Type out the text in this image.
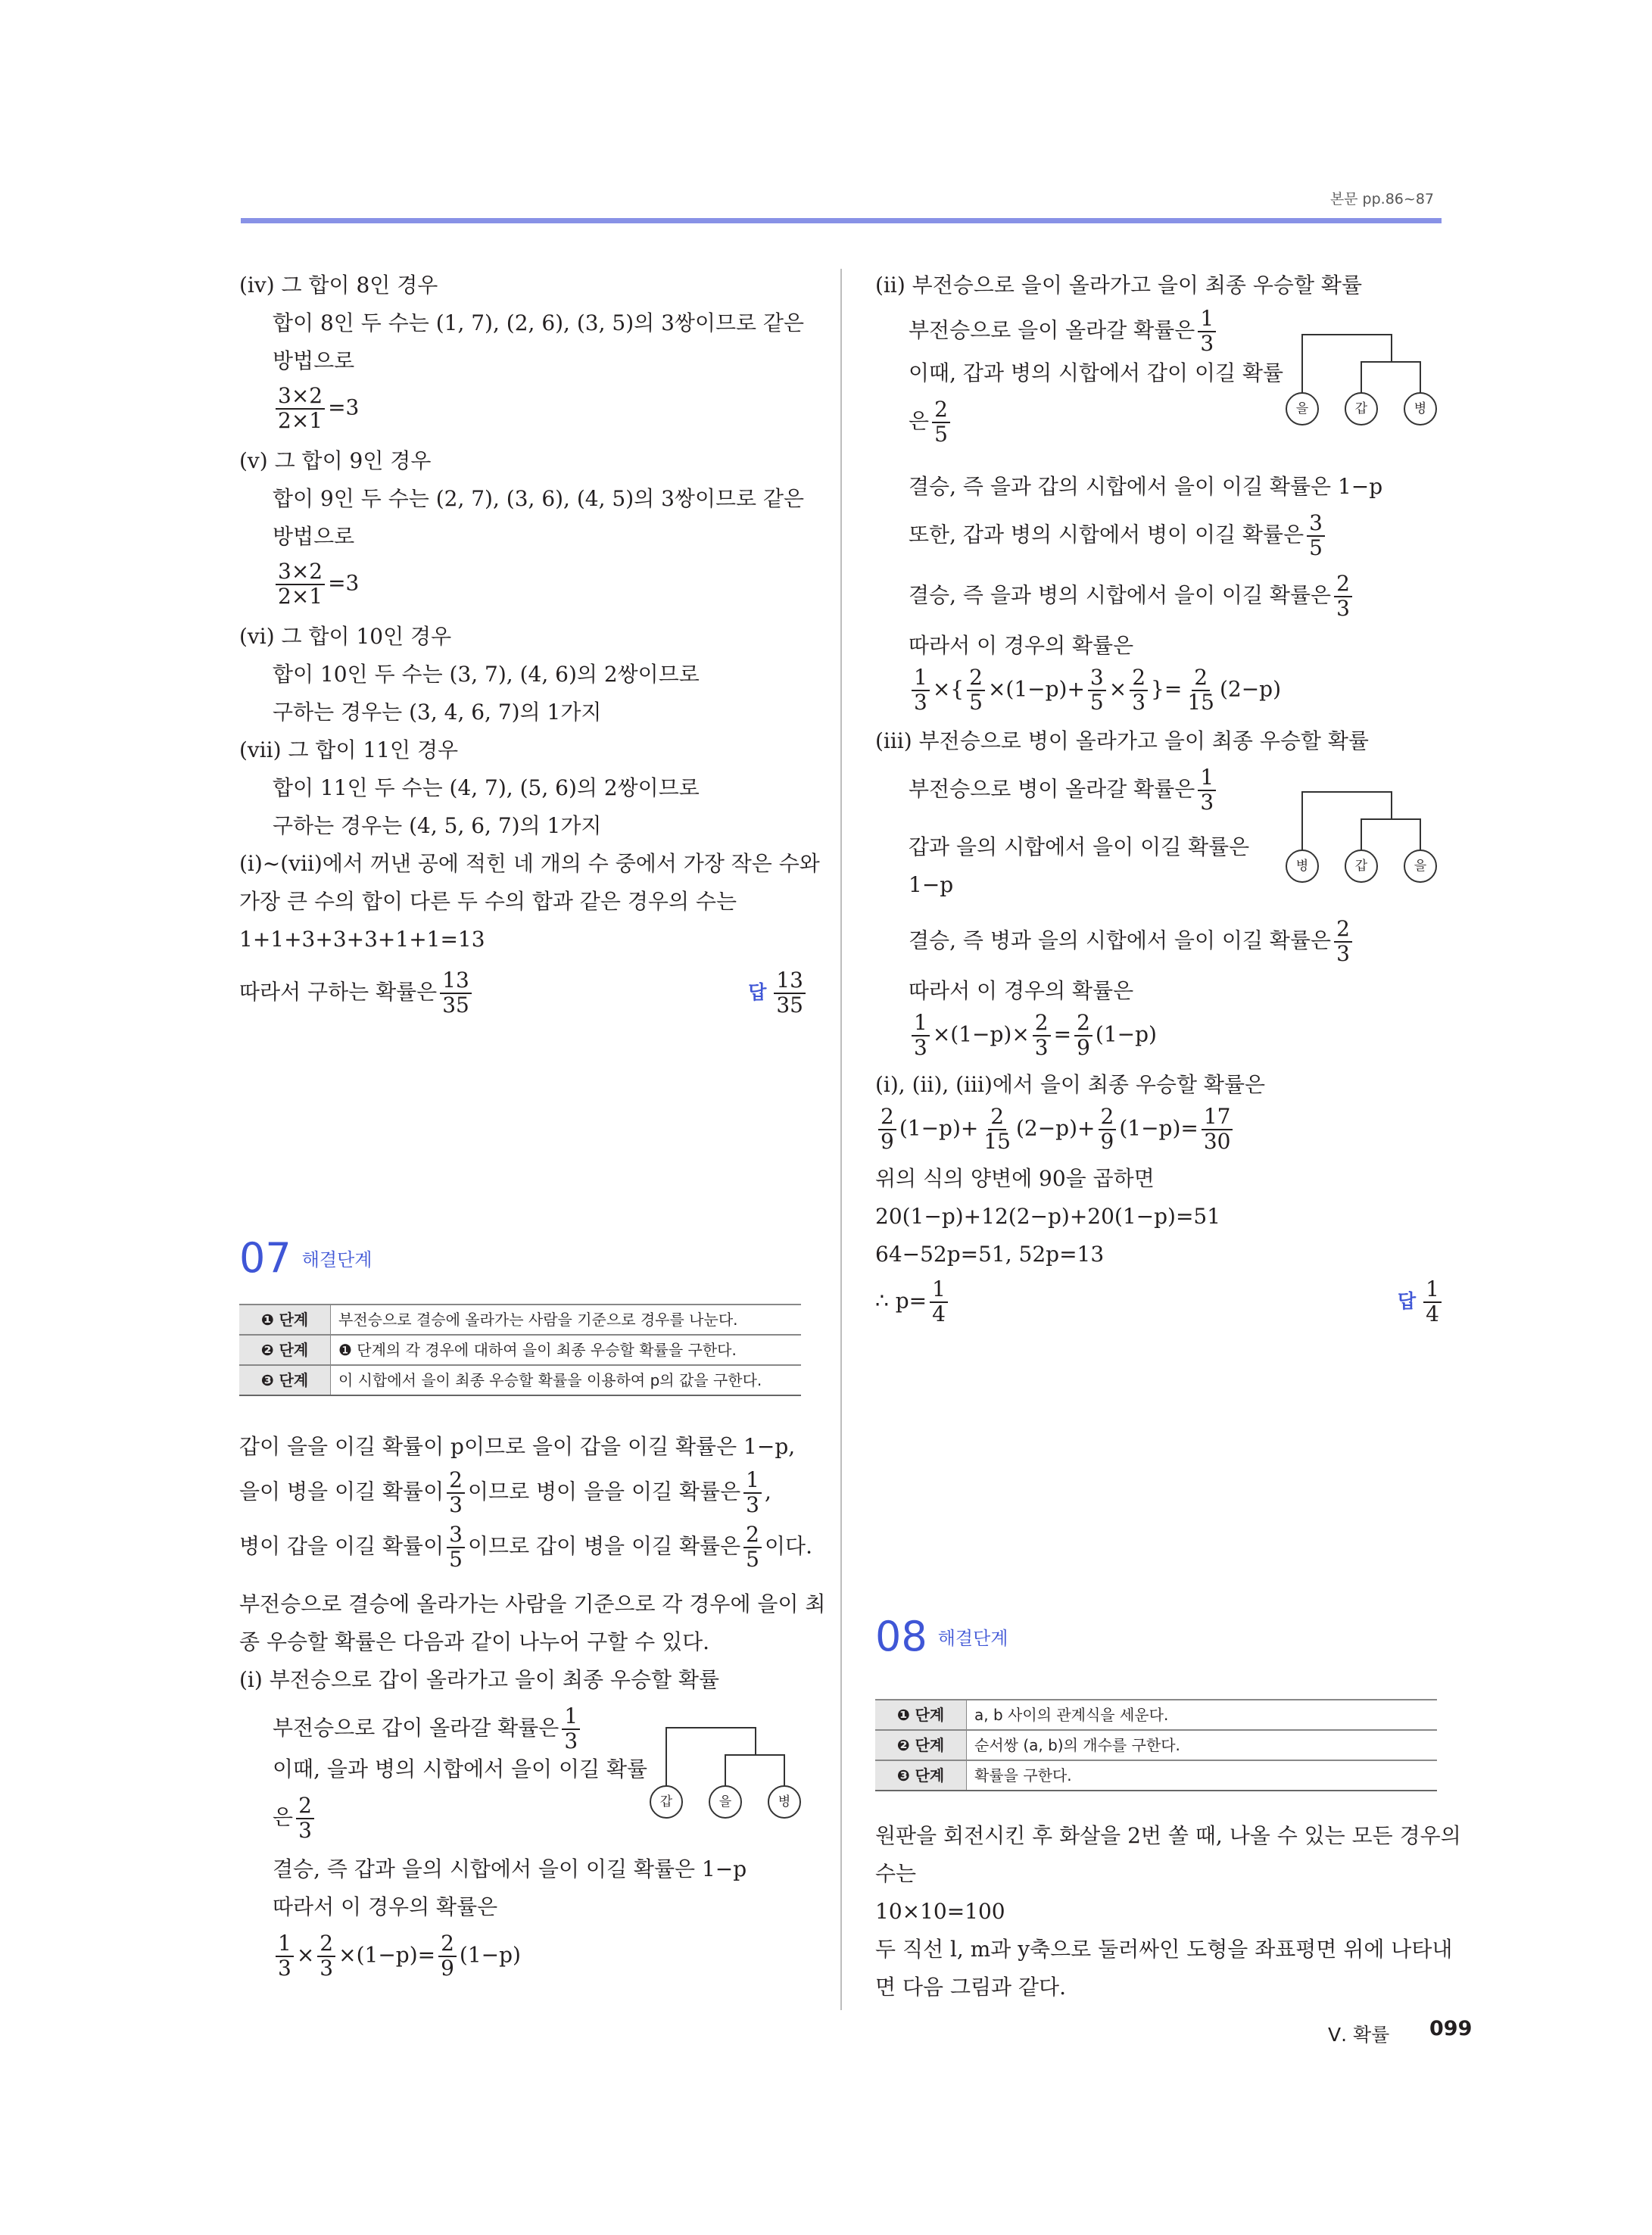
본문 pp.86~87
(ⅳ) 그 합이 8인 경우
합이 8인 두 수는 (1, 7), (2, 6), (3, 5)의 3쌍이므로 같은
방법으로
$\frac{3\times 2}{2\times 1} =3$
(ⅴ) 그 합이 9인 경우
합이 9인 두 수는 (2, 7), (3, 6), (4, 5)의 3쌍이므로 같은
방법으로
$\frac{3\times 2}{2\times 1} =3$
(ⅵ) 그 합이 10인 경우
합이 10인 두 수는 (3, 7), (4, 6)의 2쌍이므로
구하는 경우는 (3, 4, 6, 7)의 1가지
(ⅶ) 그 합이 11인 경우
합이 11인 두 수는 (4, 7), (5, 6)의 2쌍이므로
구하는 경우는 (4, 5, 6, 7)의 1가지
(ⅰ)~(ⅶ)에서 꺼낸 공에 적힌 네 개의 수 중에서 가장 작은 수와
가장 큰 수의 합이 다른 두 수의 합과 같은 경우의 수는
1+1+3+3+3+1+1=13
따라서 구하는 확률은 $\frac{13}{35}$	답 $\frac{13}{35}$
07 해결단계
❶ 단계	부전승으로 결승에 올라가는 사람을 기준으로 경우를 나눈다.
❷ 단계	❶ 단계의 각 경우에 대하여 을이 최종 우승할 확률을 구한다.
❸ 단계	이 시합에서 을이 최종 우승할 확률을 이용하여 p의 값을 구한다.
갑이 을을 이길 확률이 p이므로 을이 갑을 이길 확률은 1−p,
을이 병을 이길 확률이 $\frac{2}{3}$ 이므로 병이 을을 이길 확률은 $\frac{1}{3}$ ,
병이 갑을 이길 확률이 $\frac{3}{5}$ 이므로 갑이 병을 이길 확률은 $\frac{2}{5}$ 이다.
부전승으로 결승에 올라가는 사람을 기준으로 각 경우에 을이 최
종 우승할 확률은 다음과 같이 나누어 구할 수 있다.
(ⅰ) 부전승으로 갑이 올라가고 을이 최종 우승할 확률
부전승으로 갑이 올라갈 확률은 $\frac{1}{3}$
이때, 을과 병의 시합에서 을이 이길 확률
은 $\frac{2}{3}$
결승, 즉 갑과 을의 시합에서 을이 이길 확률은 1−p
따라서 이 경우의 확률은
$\frac{1}{3} \times \frac{2}{3} \times(1-p)= \frac{2}{9} (1-p)$
갑	을	병
(ⅱ) 부전승으로 을이 올라가고 을이 최종 우승할 확률
부전승으로 을이 올라갈 확률은 $\frac{1}{3}$
이때, 갑과 병의 시합에서 갑이 이길 확률
은 $\frac{2}{5}$
결승, 즉 을과 갑의 시합에서 을이 이길 확률은 1−p
또한, 갑과 병의 시합에서 병이 이길 확률은 $\frac{3}{5}$
결승, 즉 을과 병의 시합에서 을이 이길 확률은 $\frac{2}{3}$
따라서 이 경우의 확률은
$\frac{1}{3}$ ×{ $\frac{2}{5} \times(1-p)+ \frac{3}{5} \times \frac{2}{3}$ }= $\frac{2}{15} (2-p)$
을	갑	병
(ⅲ) 부전승으로 병이 올라가고 을이 최종 우승할 확률
부전승으로 병이 올라갈 확률은 $\frac{1}{3}$
갑과 을의 시합에서 을이 이길 확률은
1−p
결승, 즉 병과 을의 시합에서 을이 이길 확률은 $\frac{2}{3}$
따라서 이 경우의 확률은
$\frac{1}{3} \times(1-p)\times \frac{2}{3} = \frac{2}{9} (1-p)$
병	갑	을
(ⅰ), (ⅱ), (ⅲ)에서 을이 최종 우승할 확률은
$\frac{2}{9} (1-p)+ \frac{2}{15} (2-p)+ \frac{2}{9} (1-p)= \frac{17}{30}$
위의 식의 양변에 90을 곱하면
20(1−p)+12(2−p)+20(1−p)=51
64−52p=51, 52p=13
∴ $p= \frac{1}{4}$	답 $\frac{1}{4}$
08 해결단계
❶ 단계	a, b 사이의 관계식을 세운다.
❷ 단계	순서쌍 (a, b)의 개수를 구한다.
❸ 단계	확률을 구한다.
원판을 회전시킨 후 화살을 2번 쏠 때, 나올 수 있는 모든 경우의
수는
10×10=100
두 직선 l, m과 y축으로 둘러싸인 도형을 좌표평면 위에 나타내
면 다음 그림과 같다.
Ⅴ. 확률 099
